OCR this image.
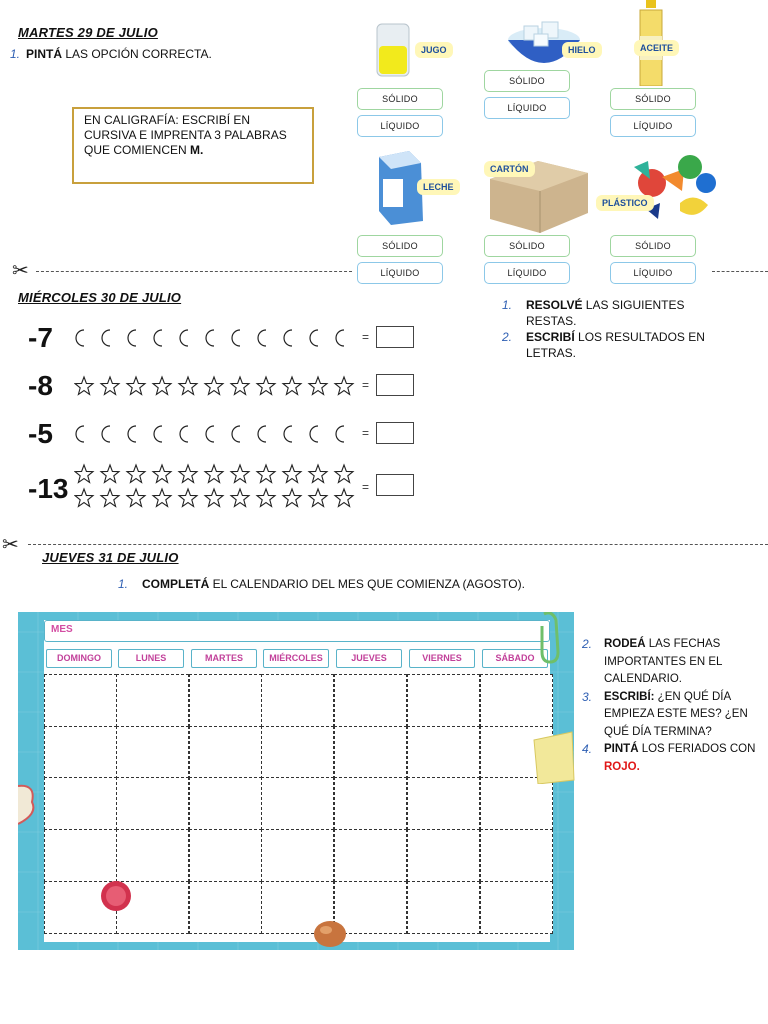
MARTES 29 DE JULIO
1. PINTÁ LAS OPCIÓN CORRECTA.
EN CALIGRAFÍA: ESCRIBÍ EN CURSIVA E IMPRENTA 3 PALABRAS QUE COMIENCEN M.
JUGO
SÓLIDO
LÍQUIDO
HIELO
SÓLIDO
LÍQUIDO
ACEITE
SÓLIDO
LÍQUIDO
LECHE
SÓLIDO
LÍQUIDO
CARTÓN
SÓLIDO
LÍQUIDO
PLÁSTICO
SÓLIDO
LÍQUIDO
✂
MIÉRCOLES 30 DE JULIO	1.	RESOLVÉ LAS SIGUIENTES RESTAS.
2.	ESCRIBÍ LOS RESULTADOS EN LETRAS.
-7	=
-8	=
-5	=
-13	=
✂
JUEVES 31 DE JULIO
1. COMPLETÁ EL CALENDARIO DEL MES QUE COMIENZA (AGOSTO).
MES
DOMINGO	LUNES	MARTES	MIÉRCOLES	JUEVES	VIERNES	SÁBADO
2.	RODEÁ LAS FECHAS IMPORTANTES EN EL CALENDARIO.
3.	ESCRIBÍ: ¿EN QUÉ DÍA EMPIEZA ESTE MES? ¿EN QUÉ DÍA TERMINA?
4.	PINTÁ LOS FERIADOS CON ROJO.
